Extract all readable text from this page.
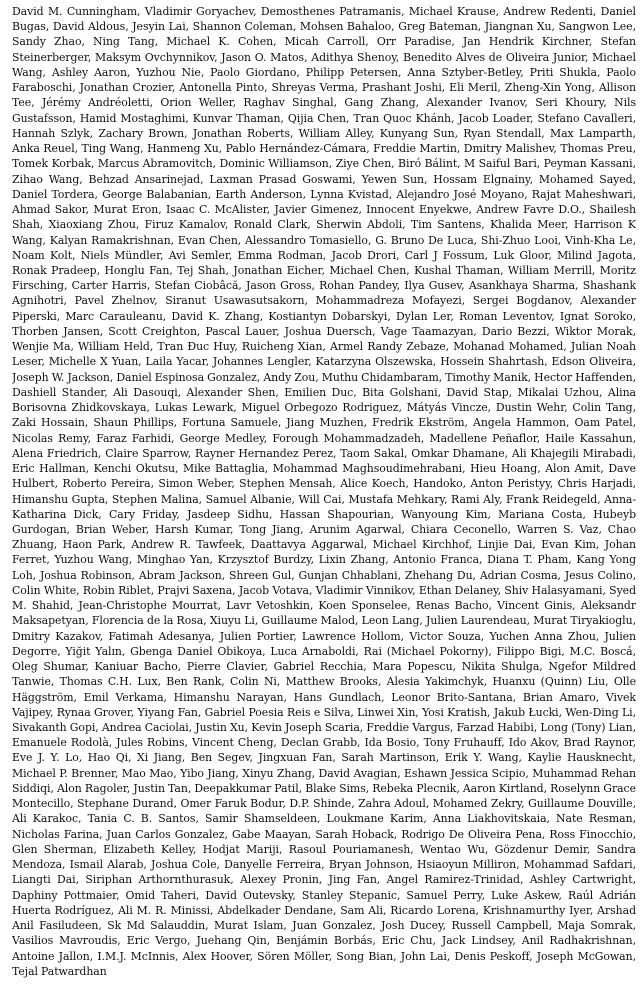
David M. Cunningham, Vladimir Goryachev, Demosthenes Patramanis, Michael Krause, Andrew Redenti, Daniel Bugas, David Aldous, Jesyin Lai, Shannon Coleman, Mohsen Bahaloo, Greg Bateman, Jiangnan Xu, Sangwon Lee, Sandy Zhao, Ning Tang, Michael K. Cohen, Micah Carroll, Orr Paradise, Jan Hendrik Kirchner, Stefan Steinerberger, Maksym Ovchynnikov, Jason O. Matos, Adithya Shenoy, Benedito Alves de Oliveira Junior, Michael Wang, Ashley Aaron, Yuzhou Nie, Paolo Giordano, Philipp Petersen, Anna Sztyber-Betley, Priti Shukla, Paolo Faraboschi, Jonathan Crozier, Antonella Pinto, Shreyas Verma, Prashant Joshi, Eli Meril, Zheng-Xin Yong, Allison Tee, Jérémy Andréoletti, Orion Weller, Raghav Singhal, Gang Zhang, Alexander Ivanov, Seri Khoury, Nils Gustafsson, Hamid Mostaghimi, Kunvar Thaman, Qijia Chen, Tran Quoc Khánh, Jacob Loader, Stefano Cavalleri, Hannah Szlyk, Zachary Brown, Jonathan Roberts, William Alley, Kunyang Sun, Ryan Stendall, Max Lamparth, Anka Reuel, Ting Wang, Hanmeng Xu, Pablo Hernández-Cámara, Freddie Martin, Dmitry Malishev, Thomas Preu, Tomek Korbak, Marcus Abramovitch, Dominic Williamson, Ziye Chen, Biró Bálint, M Saiful Bari, Peyman Kassani, Zihao Wang, Behzad Ansarinejad, Laxman Prasad Goswami, Yewen Sun, Hossam Elgnainy, Mohamed Sayed, Daniel Tordera, George Balabanian, Earth Anderson, Lynna Kvistad, Alejandro José Moyano, Rajat Maheshwari, Ahmad Sakor, Murat Eron, Isaac C. McAlister, Javier Gimenez, Innocent Enyekwe, Andrew Favre D.O., Shailesh Shah, Xiaoxiang Zhou, Firuz Kamalov, Ronald Clark, Sherwin Abdoli, Tim Santens, Khalida Meer, Harrison K Wang, Kalyan Ramakrishnan, Evan Chen, Alessandro Tomasiello, G. Bruno De Luca, Shi-Zhuo Looi, Vinh-Kha Le, Noam Kolt, Niels Mündler, Avi Semler, Emma Rodman, Jacob Drori, Carl J Fossum, Luk Gloor, Milind Jagota, Ronak Pradeep, Honglu Fan, Tej Shah, Jonathan Eicher, Michael Chen, Kushal Thaman, William Merrill, Moritz Firsching, Carter Harris, Stefan Ciobâcă, Jason Gross, Rohan Pandey, Ilya Gusev, Asankhaya Sharma, Shashank Agnihotri, Pavel Zhelnov, Siranut Usawasutsakorn, Mohammadreza Mofayezi, Sergei Bogdanov, Alexander Piperski, Marc Carauleanu, David K. Zhang, Kostiantyn Dobarskyi, Dylan Ler, Roman Leventov, Ignat Soroko, Thorben Jansen, Scott Creighton, Pascal Lauer, Joshua Duersch, Vage Taamazyan, Dario Bezzi, Wiktor Morak, Wenjie Ma, William Held, Tran Đuc Huy, Ruicheng Xian, Armel Randy Zebaze, Mohanad Mohamed, Julian Noah Leser, Michelle X Yuan, Laila Yacar, Johannes Lengler, Katarzyna Olszewska, Hossein Shahrtash, Edson Oliveira, Joseph W. Jackson, Daniel Espinosa Gonzalez, Andy Zou, Muthu Chidambaram, Timothy Manik, Hector Haffenden, Dashiell Stander, Ali Dasouqi, Alexander Shen, Emilien Duc, Bita Golshani, David Stap, Mikalai Uzhou, Alina Borisovna Zhidkovskaya, Lukas Lewark, Miguel Orbegozo Rodriguez, Mátyás Vincze, Dustin Wehr, Colin Tang, Zaki Hossain, Shaun Phillips, Fortuna Samuele, Jiang Muzhen, Fredrik Ekström, Angela Hammon, Oam Patel, Nicolas Remy, Faraz Farhidi, George Medley, Forough Mohammadzadeh, Madellene Peñaflor, Haile Kassahun, Alena Friedrich, Claire Sparrow, Rayner Hernandez Perez, Taom Sakal, Omkar Dhamane, Ali Khajegili Mirabadi, Eric Hallman, Kenchi Okutsu, Mike Battaglia, Mohammad Maghsoudimehrabani, Hieu Hoang, Alon Amit, Dave Hulbert, Roberto Pereira, Simon Weber, Stephen Mensah, Alice Koech, Handoko, Anton Peristyy, Chris Harjadi, Himanshu Gupta, Stephen Malina, Samuel Albanie, Will Cai, Mustafa Mehkary, Rami Aly, Frank Reidegeld, Anna-Katharina Dick, Cary Friday, Jasdeep Sidhu, Hassan Shapourian, Wanyoung Kim, Mariana Costa, Hubeyb Gurdogan, Brian Weber, Harsh Kumar, Tong Jiang, Arunim Agarwal, Chiara Ceconello, Warren S. Vaz, Chao Zhuang, Haon Park, Andrew R. Tawfeek, Daattavya Aggarwal, Michael Kirchhof, Linjie Dai, Evan Kim, Johan Ferret, Yuzhou Wang, Minghao Yan, Krzysztof Burdzy, Lixin Zhang, Antonio Franca, Diana T. Pham, Kang Yong Loh, Joshua Robinson, Abram Jackson, Shreen Gul, Gunjan Chhablani, Zhehang Du, Adrian Cosma, Jesus Colino, Colin White, Robin Riblet, Prajvi Saxena, Jacob Votava, Vladimir Vinnikov, Ethan Delaney, Shiv Halasyamani, Syed M. Shahid, Jean-Christophe Mourrat, Lavr Vetoshkin, Koen Sponselee, Renas Bacho, Vincent Ginis, Aleksandr Maksapetyan, Florencia de la Rosa, Xiuyu Li, Guillaume Malod, Leon Lang, Julien Laurendeau, Murat Tiryakioglu, Dmitry Kazakov, Fatimah Adesanya, Julien Portier, Lawrence Hollom, Victor Souza, Yuchen Anna Zhou, Julien Degorre, Yiğit Yalın, Gbenga Daniel Obikoya, Luca Arnaboldi, Rai (Michael Pokorny), Filippo Bigi, M.C. Boscá, Oleg Shumar, Kaniuar Bacho, Pierre Clavier, Gabriel Recchia, Mara Popescu, Nikita Shulga, Ngefor Mildred Tanwie, Thomas C.H. Lux, Ben Rank, Colin Ni, Matthew Brooks, Alesia Yakimchyk, Huanxu (Quinn) Liu, Olle Häggström, Emil Verkama, Himanshu Narayan, Hans Gundlach, Leonor Brito-Santana, Brian Amaro, Vivek Vajipey, Rynaa Grover, Yiyang Fan, Gabriel Poesia Reis e Silva, Linwei Xin, Yosi Kratish, Jakub Łucki, Wen-Ding Li, Sivakanth Gopi, Andrea Caciolai, Justin Xu, Kevin Joseph Scaria, Freddie Vargus, Farzad Habibi, Long (Tony) Lian, Emanuele Rodolà, Jules Robins, Vincent Cheng, Declan Grabb, Ida Bosio, Tony Fruhauff, Ido Akov, Brad Raynor, Eve J. Y. Lo, Hao Qi, Xi Jiang, Ben Segev, Jingxuan Fan, Sarah Martinson, Erik Y. Wang, Kaylie Hausknecht, Michael P. Brenner, Mao Mao, Yibo Jiang, Xinyu Zhang, David Avagian, Eshawn Jessica Scipio, Muhammad Rehan Siddiqi, Alon Ragoler, Justin Tan, Deepakkumar Patil, Blake Sims, Rebeka Plecnik, Aaron Kirtland, Roselynn Grace Montecillo, Stephane Durand, Omer Faruk Bodur, D.P. Shinde, Zahra Adoul, Mohamed Zekry, Guillaume Douville, Ali Karakoc, Tania C. B. Santos, Samir Shamseldeen, Loukmane Karim, Anna Liakhovitskaia, Nate Resman, Nicholas Farina, Juan Carlos Gonzalez, Gabe Maayan, Sarah Hoback, Rodrigo De Oliveira Pena, Ross Finocchio, Glen Sherman, Elizabeth Kelley, Hodjat Mariji, Rasoul Pouriamanesh, Wentao Wu, Gözdenur Demir, Sandra Mendoza, Ismail Alarab, Joshua Cole, Danyelle Ferreira, Bryan Johnson, Hsiaoyun Milliron, Mohammad Safdari, Liangti Dai, Siriphan Arthornthurasuk, Alexey Pronin, Jing Fan, Angel Ramirez-Trinidad, Ashley Cartwright, Daphiny Pottmaier, Omid Taheri, David Outevsky, Stanley Stepanic, Samuel Perry, Luke Askew, Raúl Adrián Huerta Rodríguez, Ali M. R. Minissi, Abdelkader Dendane, Sam Ali, Ricardo Lorena, Krishnamurthy Iyer, Arshad Anil Fasiludeen, Sk Md Salauddin, Murat Islam, Juan Gonzalez, Josh Ducey, Russell Campbell, Maja Somrak, Vasilios Mavroudis, Eric Vergo, Juehang Qin, Benjámin Borbás, Eric Chu, Jack Lindsey, Anil Radhakrishnan, Antoine Jallon, I.M.J. McInnis, Alex Hoover, Sören Möller, Song Bian, John Lai, Denis Peskoff, Joseph McGowan, Tejal Patwardhan
